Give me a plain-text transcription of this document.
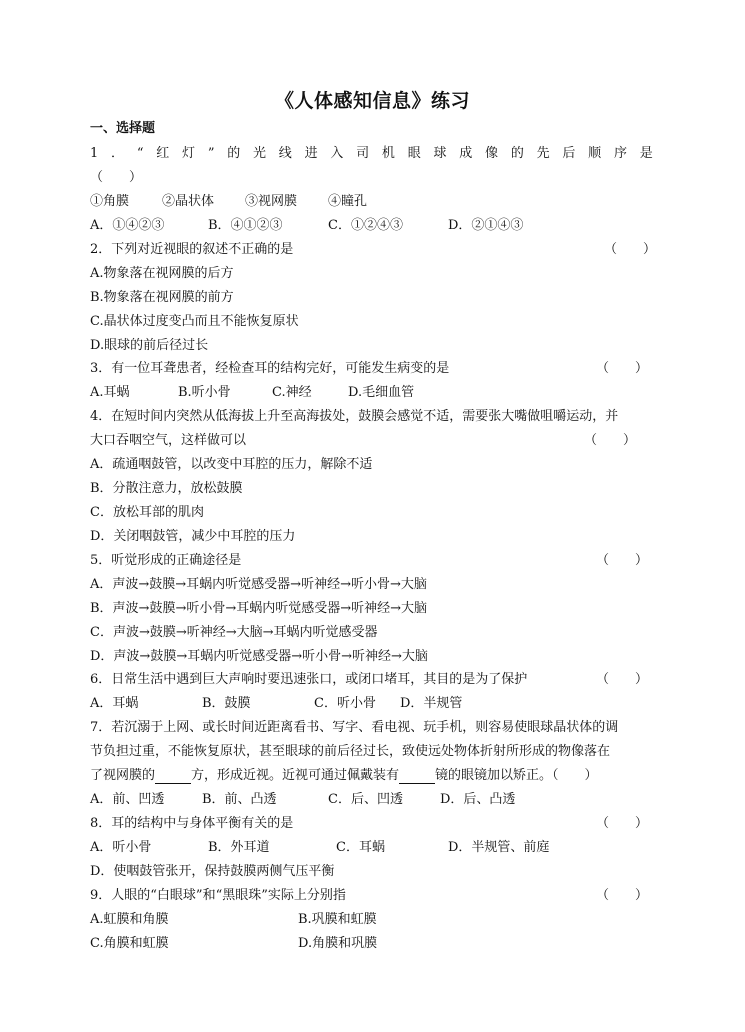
《人体感知信息》练习
一、选择题
1 ． “ 红 灯 ” 的 光 线 进 入 司 机 眼 球 成 像 的 先 后 顺 序 是
（　　）
①角膜	②晶状体 ③视网膜 ④瞳孔
A．①④②③	B．④①②③	C．①②④③	D．②①④③
2．下列对近视眼的叙述不正确的是	（　　）
A.物象落在视网膜的后方
B.物象落在视网膜的前方
C.晶状体过度变凸而且不能恢复原状
D.眼球的前后径过长
3．有一位耳聋患者，经检查耳的结构完好，可能发生病变的是	（　　）
A.耳蜗	B.听小骨	C.神经	D.毛细血管
4．在短时间内突然从低海拔上升至高海拔处，鼓膜会感觉不适，需要张大嘴做咀嚼运动，并
大口吞咽空气，这样做可以	（　　）
A．疏通咽鼓管，以改变中耳腔的压力，解除不适
B．分散注意力，放松鼓膜
C．放松耳部的肌肉
D．关闭咽鼓管，减少中耳腔的压力
5．听觉形成的正确途径是	（　　）
A．声波→鼓膜→耳蜗内听觉感受器→听神经→听小骨→大脑
B．声波→鼓膜→听小骨→耳蜗内听觉感受器→听神经→大脑
C．声波→鼓膜→听神经→大脑→耳蜗内听觉感受器
D．声波→鼓膜→耳蜗内听觉感受器→听小骨→听神经→大脑
6．日常生活中遇到巨大声响时要迅速张口，或闭口堵耳，其目的是为了保护	（　　）
A．耳蜗	B．鼓膜	C．听小骨 D．半规管
7．若沉溺于上网、或长时间近距离看书、写字、看电视、玩手机，则容易使眼球晶状体的调
节负担过重，不能恢复原状，甚至眼球的前后径过长，致使远处物体折射所形成的物像落在
了视网膜的	方，形成近视。近视可通过佩戴装有	镜的眼镜加以矫正。（　　）
A．前、凹透	B．前、凸透	C．后、凹透	D．后、凸透
8．耳的结构中与身体平衡有关的是	（　　）
A．听小骨	B．外耳道	C．耳蜗	D．半规管、前庭
D．使咽鼓管张开，保持鼓膜两侧气压平衡
9．人眼的“白眼球”和“黑眼珠”实际上分别指	（　　）
A.虹膜和角膜	B.巩膜和虹膜
C.角膜和虹膜	D.角膜和巩膜
